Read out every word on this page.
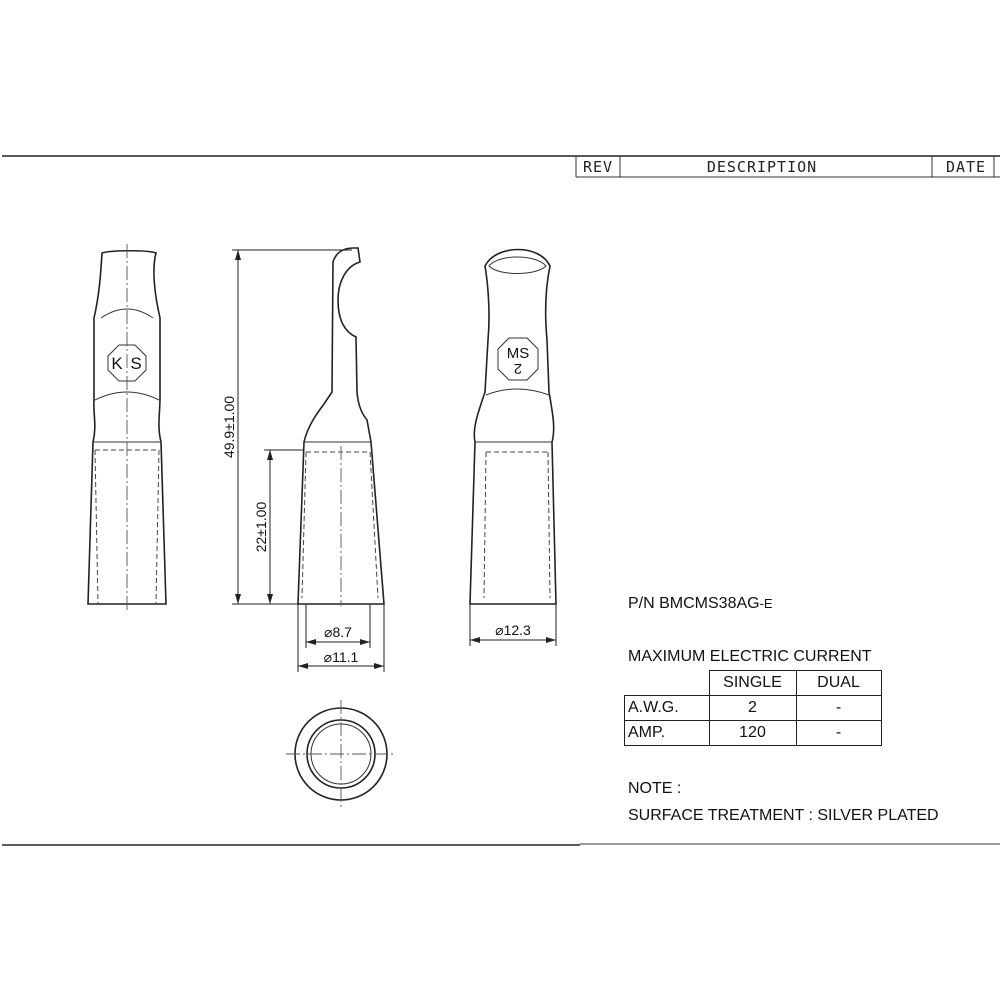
REV	DESCRIPTION	DATE
K S
49.9±1.00
22±1.00
⌀8.7
⌀11.1
MS
2
⌀12.3
P/N BMCMS38AG-E
MAXIMUM ELECTRIC CURRENT
	SINGLE	DUAL
A.W.G.	2	-
AMP.	120	-
NOTE :
SURFACE TREATMENT : SILVER PLATED
